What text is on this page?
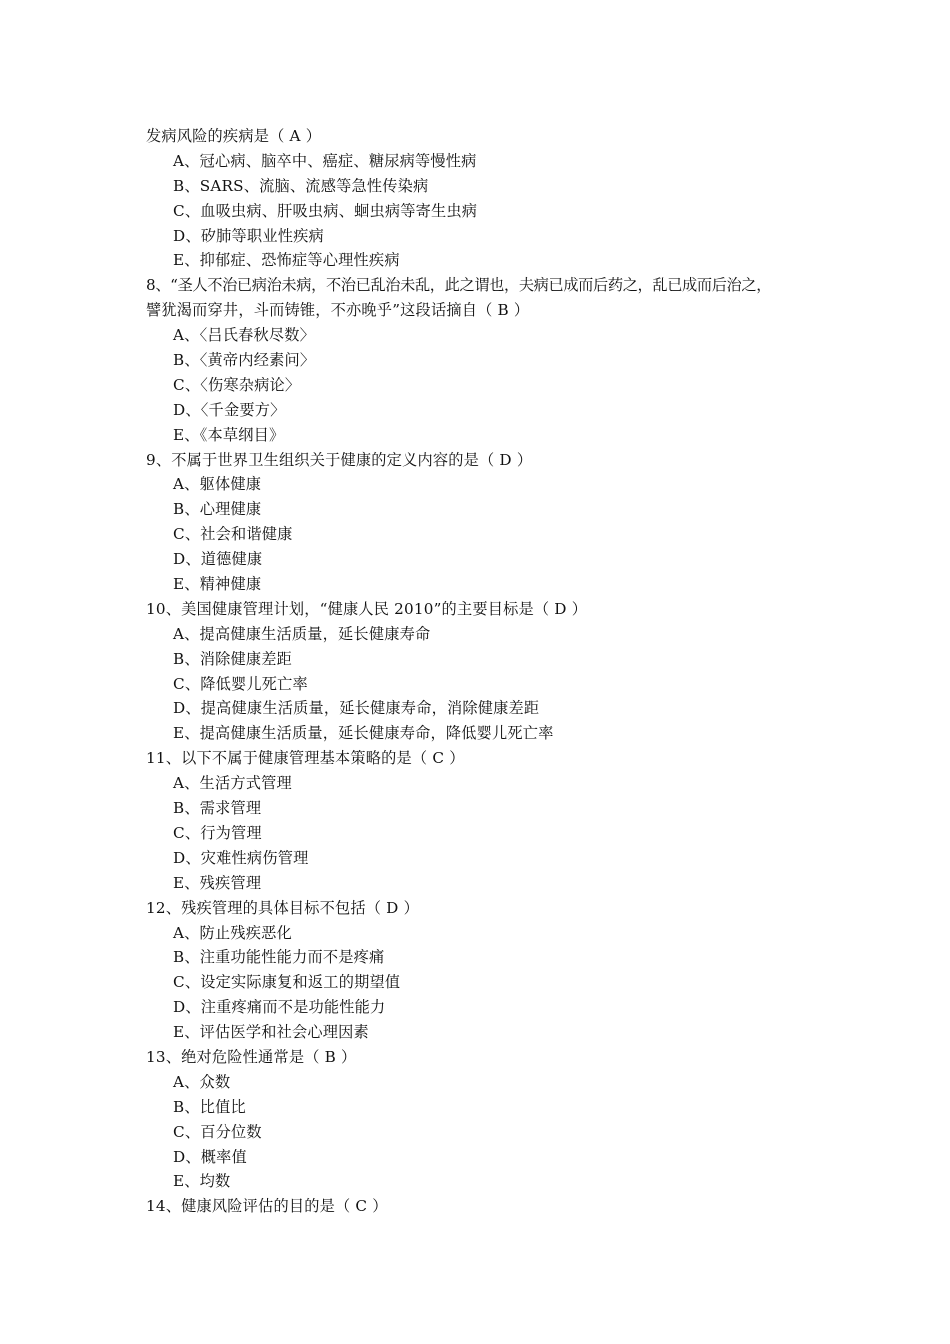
发病风险的疾病是（ A ）
A、冠心病、脑卒中、癌症、糖尿病等慢性病
B、SARS、流脑、流感等急性传染病
C、血吸虫病、肝吸虫病、蛔虫病等寄生虫病
D、矽肺等职业性疾病
E、抑郁症、恐怖症等心理性疾病
8、“圣人不治已病治未病，不治已乱治未乱，此之谓也，夫病已成而后药之，乱已成而后治之，
譬犹渴而穿井，斗而铸锥，不亦晚乎”这段话摘自（ B ）
A、〈吕氏春秋尽数〉
B、〈黄帝内经素问〉
C、〈伤寒杂病论〉
D、〈千金要方〉
E、《本草纲目》
9、不属于世界卫生组织关于健康的定义内容的是（ D ）
A、躯体健康
B、心理健康
C、社会和谐健康
D、道德健康
E、精神健康
10、美国健康管理计划，“健康人民 2010”的主要目标是（ D ）
A、提高健康生活质量，延长健康寿命
B、消除健康差距
C、降低婴儿死亡率
D、提高健康生活质量，延长健康寿命，消除健康差距
E、提高健康生活质量，延长健康寿命，降低婴儿死亡率
11、以下不属于健康管理基本策略的是（ C ）
A、生活方式管理
B、需求管理
C、行为管理
D、灾难性病伤管理
E、残疾管理
12、残疾管理的具体目标不包括（ D ）
A、防止残疾恶化
B、注重功能性能力而不是疼痛
C、设定实际康复和返工的期望值
D、注重疼痛而不是功能性能力
E、评估医学和社会心理因素
13、绝对危险性通常是（ B ）
A、众数
B、比值比
C、百分位数
D、概率值
E、均数
14、健康风险评估的目的是（ C ）
